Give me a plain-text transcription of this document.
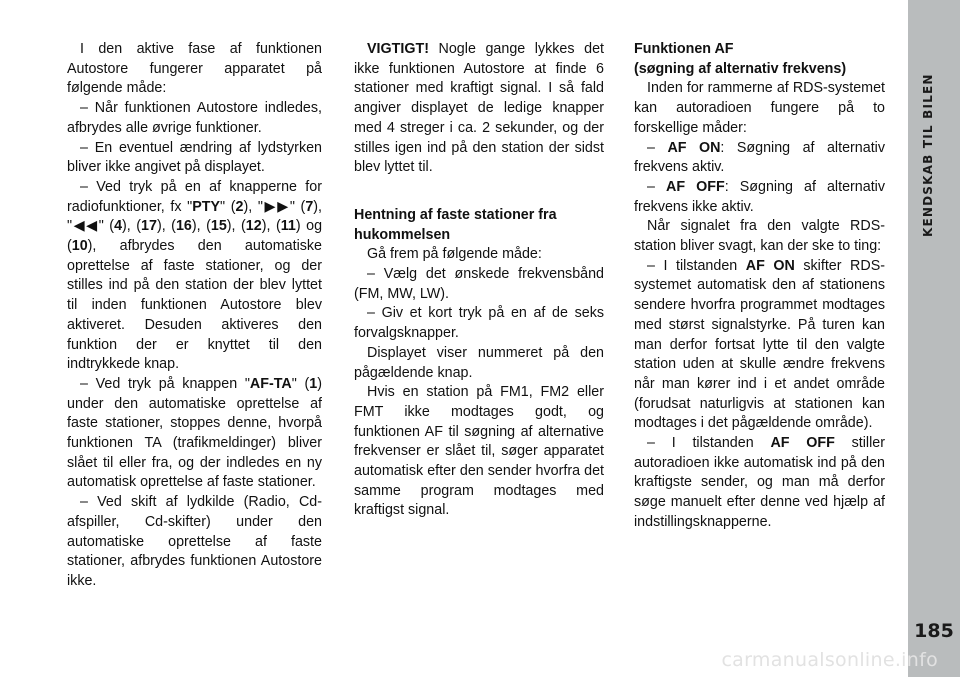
I den aktive fase af funktionen Autostore fungerer apparatet på følgende måde:

– Når funktionen Autostore indledes, afbrydes alle øvrige funktioner.

– En eventuel ændring af lydstyrken bliver ikke angivet på displayet.

– Ved tryk på en af knapperne for radiofunktioner, fx "PTY" (2), "▶▶" (7), "◀◀" (4), (17), (16), (15), (12), (11) og (10), afbrydes den automatiske oprettelse af faste stationer, og der stilles ind på den station der blev lyttet til inden funktionen Autostore blev aktiveret. Desuden aktiveres den funktion der er knyttet til den indtrykkede knap.

– Ved tryk på knappen "AF-TA" (1) under den automatiske oprettelse af faste stationer, stoppes denne, hvorpå funktionen TA (trafikmeldinger) bliver slået til eller fra, og der indledes en ny automatisk oprettelse af faste stationer.

– Ved skift af lydkilde (Radio, Cd-afspiller, Cd-skifter) under den automatiske oprettelse af faste stationer, afbrydes funktionen Autostore ikke.

VIGTIGT! Nogle gange lykkes det ikke funktionen Autostore at finde 6 stationer med kraftigt signal. I så fald angiver displayet de ledige knapper med 4 streger i ca. 2 sekunder, og der stilles igen ind på den station der sidst blev lyttet til.

Hentning af faste stationer fra hukommelsen

Gå frem på følgende måde:

– Vælg det ønskede frekvensbånd (FM, MW, LW).

– Giv et kort tryk på en af de seks forvalgsknapper.

Displayet viser nummeret på den pågældende knap.

Hvis en station på FM1, FM2 eller FMT ikke modtages godt, og funktionen AF til søgning af alternative frekvenser er slået til, søger apparatet automatisk efter den sender hvorfra det samme program modtages med kraftigst signal.

Funktionen AF
(søgning af alternativ frekvens)

Inden for rammerne af RDS-systemet kan autoradioen fungere på to forskellige måder:

– AF ON: Søgning af alternativ frekvens aktiv.

– AF OFF: Søgning af alternativ frekvens ikke aktiv.

Når signalet fra den valgte RDS-station bliver svagt, kan der ske to ting:

– I tilstanden AF ON skifter RDS-systemet automatisk den af stationens sendere hvorfra programmet modtages med størst signalstyrke. På turen kan man derfor fortsat lytte til den valgte station uden at skulle ændre frekvens når man kører ind i et andet område (forudsat naturligvis at stationen kan modtages i det pågældende område).

– I tilstanden AF OFF stiller autoradioen ikke automatisk ind på den kraftigste sender, og man må derfor søge manuelt efter denne ved hjælp af indstillingsknapperne.

KENDSKAB TIL BILEN
185
carmanualsonline.info
